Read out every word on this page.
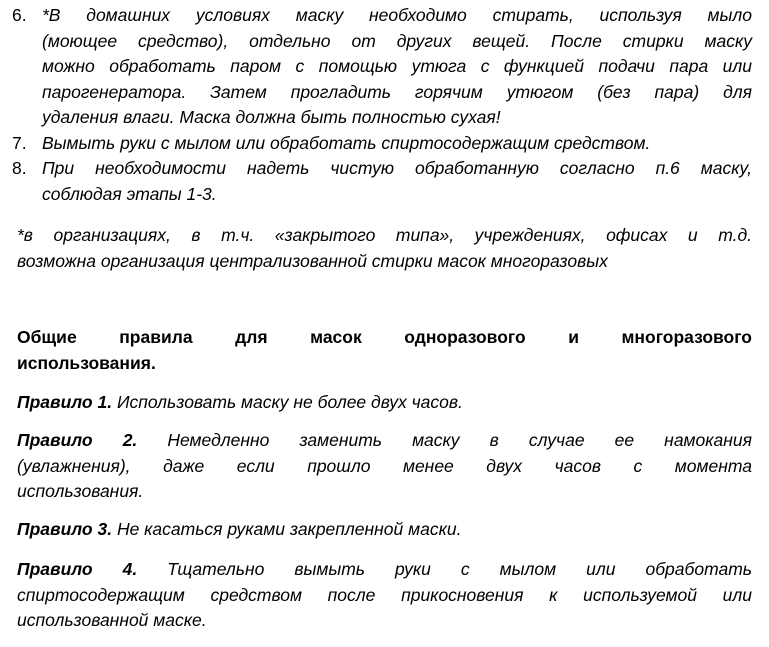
6. *В домашних условиях маску необходимо стирать, используя мыло
(моющее средство), отдельно от других вещей. После стирки маску
можно обработать паром с помощью утюга с функцией подачи пара или
парогенератора. Затем прогладить горячим утюгом (без пара) для
удаления влаги. Маска должна быть полностью сухая!
7. Вымыть руки с мылом или обработать спиртосодержащим средством.
8. При необходимости надеть чистую обработанную согласно п.6 маску,
соблюдая этапы 1-3.
*в организациях, в т.ч. «закрытого типа», учреждениях, офисах и т.д.
возможна организация централизованной стирки масок многоразовых
Общие правила для масок одноразового и многоразового
использования.
Правило 1. Использовать маску не более двух часов.
Правило 2. Немедленно заменить маску в случае ее намокания
(увлажнения), даже если прошло менее двух часов с момента
использования.
Правило 3. Не касаться руками закрепленной маски.
Правило 4. Тщательно вымыть руки с мылом или обработать
спиртосодержащим средством после прикосновения к используемой или
использованной маске.
